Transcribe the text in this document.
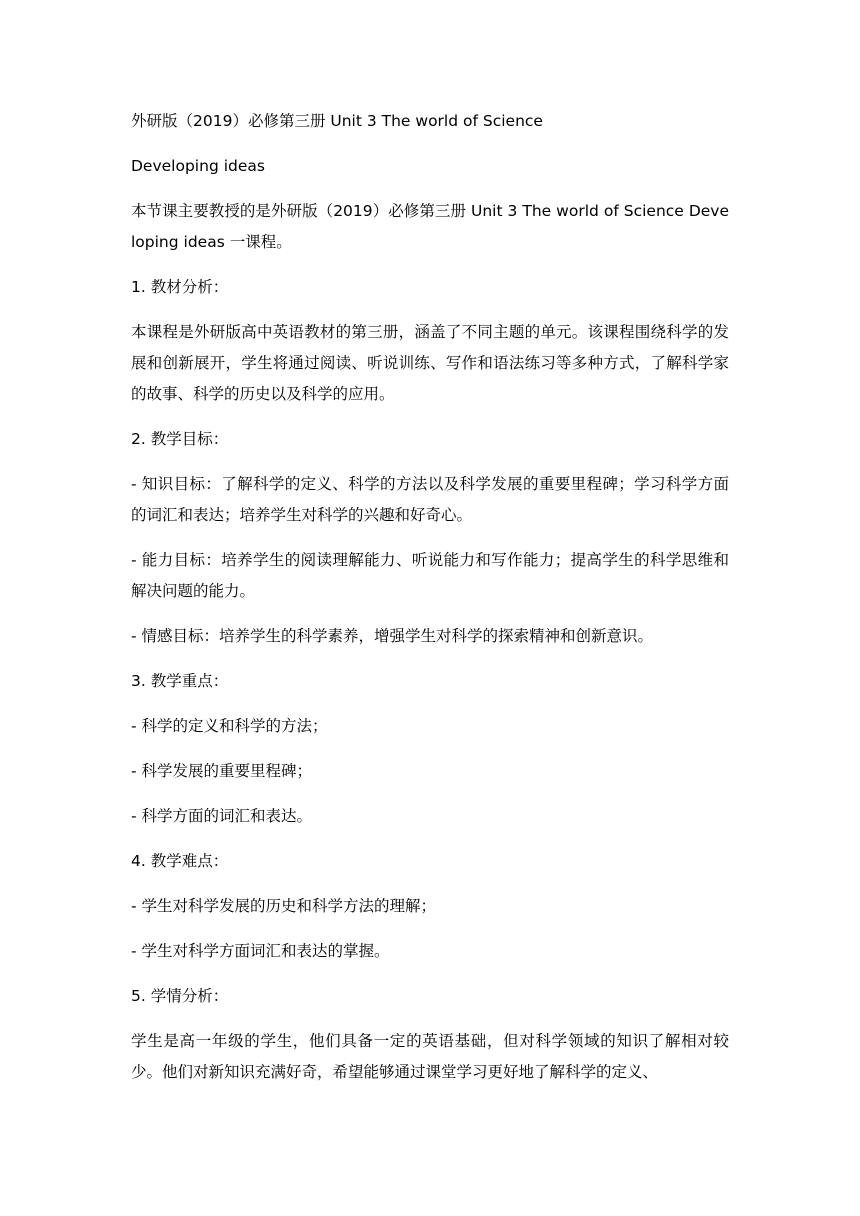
外研版（2019）必修第三册 Unit 3 The world of Science

Developing ideas

本节课主要教授的是外研版（2019）必修第三册 Unit 3 The world of Science Developing ideas 一课程。

1. 教材分析：

本课程是外研版高中英语教材的第三册，涵盖了不同主题的单元。该课程围绕科学的发展和创新展开，学生将通过阅读、听说训练、写作和语法练习等多种方式，了解科学家的故事、科学的历史以及科学的应用。

2. 教学目标：

- 知识目标：了解科学的定义、科学的方法以及科学发展的重要里程碑；学习科学方面的词汇和表达；培养学生对科学的兴趣和好奇心。

- 能力目标：培养学生的阅读理解能力、听说能力和写作能力；提高学生的科学思维和解决问题的能力。

- 情感目标：培养学生的科学素养，增强学生对科学的探索精神和创新意识。

3. 教学重点：

- 科学的定义和科学的方法；

- 科学发展的重要里程碑；

- 科学方面的词汇和表达。

4. 教学难点：

- 学生对科学发展的历史和科学方法的理解；

- 学生对科学方面词汇和表达的掌握。

5. 学情分析：

学生是高一年级的学生，他们具备一定的英语基础，但对科学领域的知识了解相对较少。他们对新知识充满好奇，希望能够通过课堂学习更好地了解科学的定义、
